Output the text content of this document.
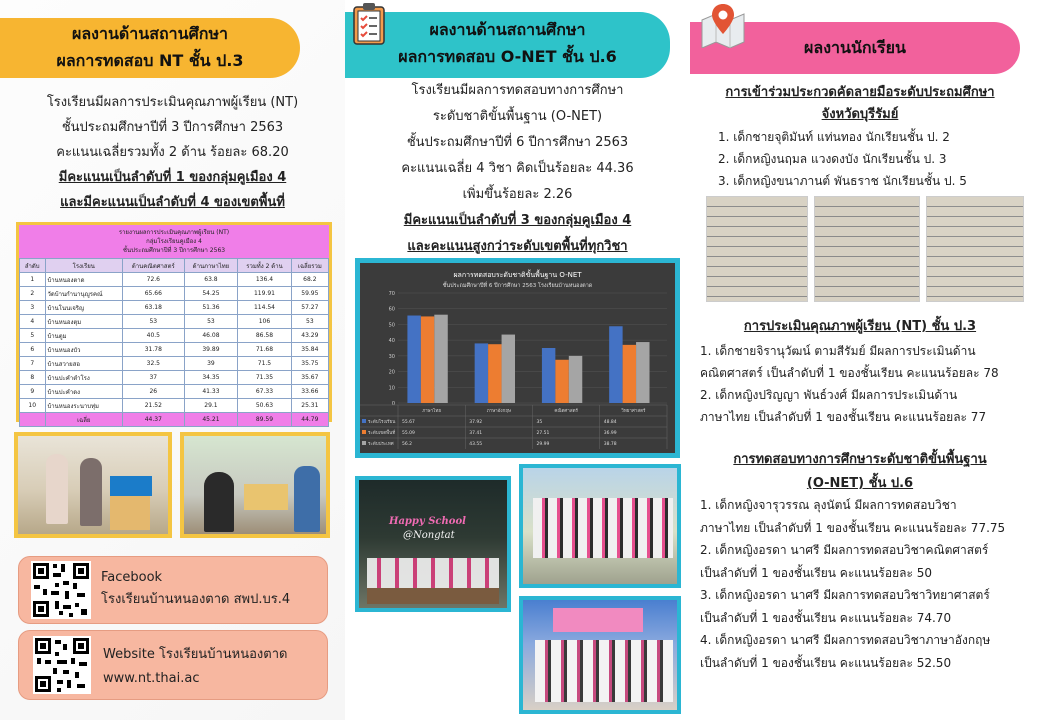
ผลงานด้านสถานศึกษา
ผลการทดสอบ NT ชั้น ป.3
โรงเรียนมีผลการประเมินคุณภาพผู้เรียน (NT)
ชั้นประถมศึกษาปีที่ 3 ปีการศึกษา 2563
คะแนนเฉลี่ยรวมทั้ง 2 ด้าน ร้อยละ 68.20
มีคะแนนเป็นลำดับที่ 1 ของกลุ่มคูเมือง 4
และมีคะแนนเป็นลำดับที่ 4 ของเขตพื้นที่
รายงานผลการประเมินคุณภาพผู้เรียน (NT)
กลุ่มโรงเรียนคูเมือง 4
ชั้นประถมศึกษาปีที่ 3 ปีการศึกษา 2563
ลำดับ	โรงเรียน	ด้านคณิตศาสตร์	ด้านภาษาไทย	รวมทั้ง 2 ด้าน	เฉลี่ยรวม
1	บ้านหนองตาด	72.6	63.8	136.4	68.2
2	วัดบ้านกำนานุญูรคณ์	65.66	54.25	119.91	59.95
3	บ้านโนนเจริญ	63.18	51.36	114.54	57.27
4	บ้านหนองตุม	53	53	106	53
5	บ้านตูม	40.5	46.08	86.58	43.29
6	บ้านหนองบัว	31.78	39.89	71.68	35.84
7	บ้านสวายสอ	32.5	39	71.5	35.75
8	บ้านปะคำตำโรง	37	34.35	71.35	35.67
9	บ้านปะคำดง	26	41.33	67.33	33.66
10	บ้านหนองระนาบทุ่ม	21.52	29.1	50.63	25.31
	เฉลี่ย	44.37	45.21	89.59	44.79
Facebook
โรงเรียนบ้านหนองตาด สพป.บร.4
Website โรงเรียนบ้านหนองตาด
www.nt.thai.ac
ผลงานด้านสถานศึกษา
ผลการทดสอบ O-NET ชั้น ป.6
โรงเรียนมีผลการทดสอบทางการศึกษา
ระดับชาติขั้นพื้นฐาน (O-NET)
ชั้นประถมศึกษาปีที่ 6 ปีการศึกษา 2563
คะแนนเฉลี่ย 4 วิชา คิดเป็นร้อยละ 44.36
เพิ่มขึ้นร้อยละ 2.26
มีคะแนนเป็นลำดับที่ 3 ของกลุ่มคูเมือง 4
และคะแนนสูงกว่าระดับเขตพื้นที่ทุกวิชา
ผลการทดสอบระดับชาติขั้นพื้นฐาน O-NET
ชั้นประถมศึกษาปีที่ 6 ปีการศึกษา 2563 โรงเรียนบ้านหนองตาด
0
10
20
30
40
50
60
70
ภาษาไทย	ภาษาอังกฤษ	คณิตศาสตร์	วิทยาศาสตร์
ระดับโรงเรียน 55.67	37.92	35	48.84
ระดับเขตพื้นที่ 55.09	37.41	27.51	36.99
ระดับประเทศ 56.2	43.55	29.99	38.78
Happy School
@Nongtat
ผลงานนักเรียน
การเข้าร่วมประกวดคัดลายมือระดับประถมศึกษา
จังหวัดบุรีรัมย์
1. เด็กชายจุติมันท์ แท่นทอง นักเรียนชั้น ป. 2
2. เด็กหญิงนฤมล แวงดงบัง นักเรียนชั้น ป. 3
3. เด็กหญิงขนาภานต์ พันธราช นักเรียนชั้น ป. 5
การประเมินคุณภาพผู้เรียน (NT) ชั้น ป.3
1. เด็กชายจิรานุวัฒน์ ตามสีรัมย์ มีผลการประเมินด้าน
คณิตศาสตร์ เป็นลำดับที่ 1 ของชั้นเรียน คะแนนร้อยละ 78
2. เด็กหญิงปริญญา พันธ์วงศ์ มีผลการประเมินด้าน
ภาษาไทย เป็นลำดับที่ 1 ของชั้นเรียน คะแนนร้อยละ 77
การทดสอบทางการศึกษาระดับชาติขั้นพื้นฐาน
(O-NET) ชั้น ป.6
1. เด็กหญิงจารุวรรณ ลุงนัตน์ มีผลการทดสอบวิชา
ภาษาไทย เป็นลำดับที่ 1 ของชั้นเรียน คะแนนร้อยละ 77.75
2. เด็กหญิงอรดา นาศรี มีผลการทดสอบวิชาคณิตศาสตร์
เป็นลำดับที่ 1 ของชั้นเรียน คะแนนร้อยละ 50
3. เด็กหญิงอรดา นาศรี มีผลการทดสอบวิชาวิทยาศาสตร์
เป็นลำดับที่ 1 ของชั้นเรียน คะแนนร้อยละ 74.70
4. เด็กหญิงอรดา นาศรี มีผลการทดสอบวิชาภาษาอังกฤษ
เป็นลำดับที่ 1 ของชั้นเรียน คะแนนร้อยละ 52.50
